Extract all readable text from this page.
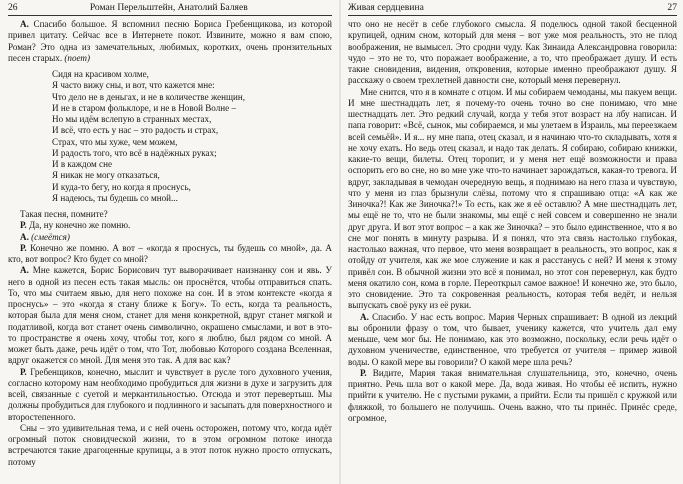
26	Роман Перельштейн, Анатолий Баляев

А. Спасибо большое. Я вспомнил песню Бориса Гребенщикова, из которой привел цитату. Сейчас все в Интернете покот. Извините, можно я вам спою, Роман? Это одна из замечательных, любимых, коротких, очень пронзительных песен старых. (поет)

Сидя на красивом холме,
Я часто вижу сны, и вот, что кажется мне:
Что дело не в деньгах, и не в количестве женщин,
И не в старом фольклоре, и не в Новой Волне –
Но мы идём вслепую в странных местах,
И всё, что есть у нас – это радость и страх,
Страх, что мы хуже, чем можем,
И радость того, что всё в надёжных руках;
И в каждом сне
Я никак не могу отказаться,
И куда-то бегу, но когда я проснусь,
Я надеюсь, ты будешь со мной...

Такая песня, помните?

Р. Да, ну конечно же помню.

А. (смеётся)

Р. Конечно же помню. А вот – «когда я проснусь, ты будешь со мной», да. А кто, вот вопрос? Кто будет со мной?

А. Мне кажется, Борис Борисович тут выворачивает наизнанку сон и явь. У него в одной из песен есть такая мысль: он проснётся, чтобы отправиться спать. То, что мы считаем явью, для него похоже на сон. И в этом контексте «когда я проснусь» – это «когда я стану ближе к Богу». То есть, когда та реальность, которая была для меня сном, станет для меня конкретной, вдруг станет мягкой и податливой, когда вот станет очень символично, окрашено смыслами, и вот в это-то пространстве я очень хочу, чтобы тот, кого я люблю, был рядом со мной. А может быть даже, речь идёт о том, что Тот, любовью Которого создана Вселенная, вдруг окажется со мной. Для меня это так. А для вас как?

Р. Гребенщиков, конечно, мыслит и чувствует в русле того духовного учения, согласно которому нам необходимо пробудиться для жизни в духе и загрузить для всей, связанные с суетой и меркантильностью. Отсюда и этот перевертыш. Мы должны пробудиться для глубокого и подлинного и засыпать для поверхностного и второстепенного.

Сны – это удивительная тема, и с ней очень осторожен, потому что, когда идёт огромный поток сновидческой жизни, то в этом огромном потоке иногда встречаются такие драгоценные крупицы, а в этот поток нужно просто отпускать, потому

Живая сердцевина	27

что оно не несёт в себе глубокого смысла. Я поделюсь одной такой бесценной крупицей, одним сном, который для меня – вот уже моя реальность, это не плод воображения, не вымысел. Это сродни чуду. Как Зинаида Александровна говорила: чудо – это не то, что поражает воображение, а то, что преображает душу. И есть такие сновидения, видения, откровения, которые именно преображают душу. Я расскажу о своем трехлетней давности сне, который меня перевернул.

Мне снится, что я в комнате с отцом. И мы собираем чемоданы, мы пакуем вещи. И мне шестнадцать лет, я почему-то очень точно во сне понимаю, что мне шестнадцать лет. Это редкий случай, когда у тебя этот возраст на лбу написан. И папа говорит: «Всё, сынок, мы собираемся, и мы улетаем в Израиль, мы переезжаем всей семьёй». И я... ну мне папа, отец сказал, и я начинаю что-то складывать, хотя я не хочу ехать. Но ведь отец сказал, и надо так делать. Я собираю, собираю книжки, какие-то вещи, билеты. Отец торопит, и у меня нет ещё возможности и права оспорить его во сне, но во мне уже что-то начинает зарождаться, какая-то тревога. И вдруг, закладывая в чемодан очередную вещь, я поднимаю на него глаза и чувствую, что у меня из глаз брызнули слёзы, потому что я спрашиваю отца: «А как же Зиночка?! Как же Зиночка?!» То есть, как же я её оставлю? А мне шестнадцать лет, мы ещё не то, что не были знакомы, мы ещё с ней совсем и совершенно не знали друг друга. И вот этот вопрос – а как же Зиночка? – это было единственное, что я во сне мог понять в минуту разрыва. И я понял, что эта связь настолько глубокая, настолько важная, что первое, что меня возвращает в реальность, это вопрос, как я отойду от учителя, как же мое служение и как я расстанусь с ней? И меня к этому привёл сон. В обычной жизни это всё я понимал, но этот сон перевернул, как будто меня окатило сон, кома в горле. Переоткрыл самое важное! И конечно же, это было, это сновидение. Это та сокровенная реальность, которая тебя ведёт, и нельзя выпускать своё руку из её руки.

А. Спасибо. У нас есть вопрос. Мария Черных спрашивает: В одной из лекций вы обронили фразу о том, что бывает, ученику кажется, что учитель дал ему меньше, чем мог бы. Не понимаю, как это возможно, поскольку, если речь идёт о духовном ученичестве, единственное, что требуется от учителя – пример живой воды. О какой мере вы говорили? О какой мере шла речь?

Р. Видите, Мария такая внимательная слушательница, это, конечно, очень приятно. Речь шла вот о какой мере. Да, вода живая. Но чтобы её испить, нужно прийти к учителю. Не с пустыми руками, а прийти. Если ты пришёл с кружкой или фляжкой, то большего не получишь. Очень важно, что ты принёс. Принёс среде, огромное,
